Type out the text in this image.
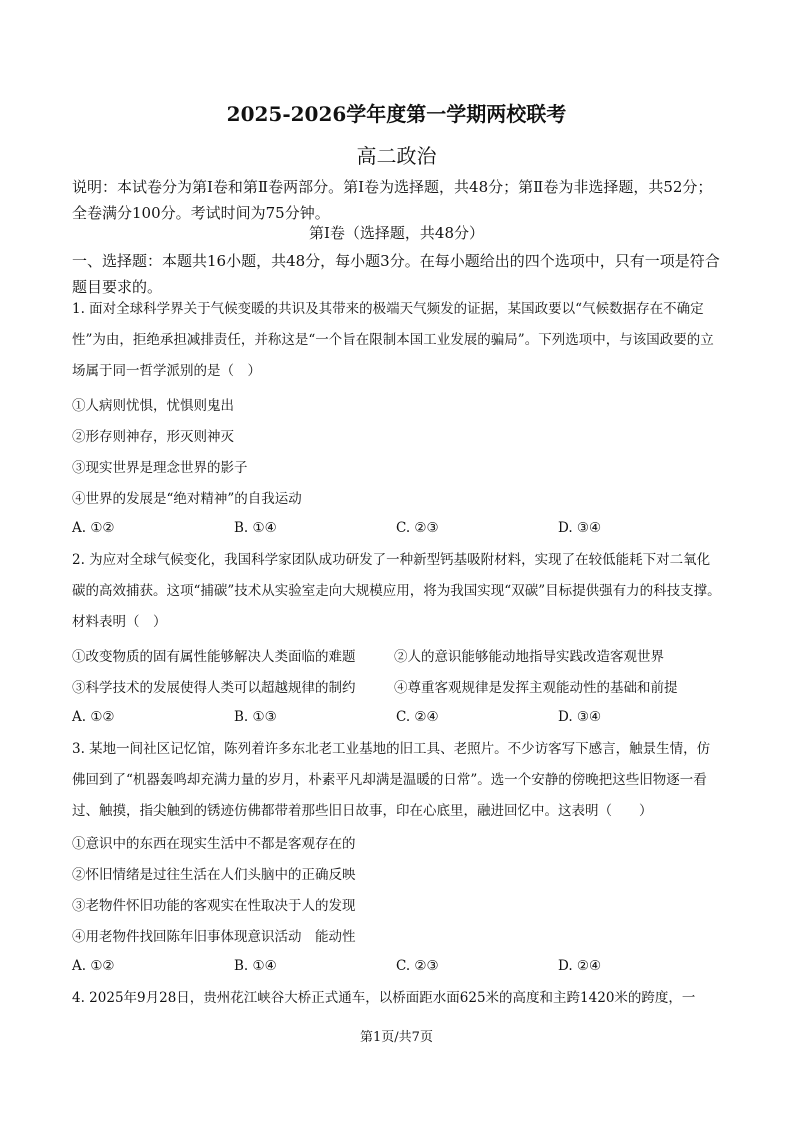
2025-2026学年度第一学期两校联考
高二政治
说明：本试卷分为第Ⅰ卷和第Ⅱ卷两部分。第Ⅰ卷为选择题，共48分；第Ⅱ卷为非选择题，共52分；全卷满分100分。考试时间为75分钟。
第Ⅰ卷（选择题，共48分）
一、选择题：本题共16小题，共48分，每小题3分。在每小题给出的四个选项中，只有一项是符合题目要求的。
1. 面对全球科学界关于气候变暖的共识及其带来的极端天气频发的证据，某国政要以“气候数据存在不确定性”为由，拒绝承担减排责任，并称这是“一个旨在限制本国工业发展的骗局”。下列选项中，与该国政要的立场属于同一哲学派别的是（　）
①人病则忧惧，忧惧则鬼出
②形存则神存，形灭则神灭
③现实世界是理念世界的影子
④世界的发展是“绝对精神”的自我运动
A. ①②	B. ①④	C. ②③	D. ③④
2. 为应对全球气候变化，我国科学家团队成功研发了一种新型钙基吸附材料，实现了在较低能耗下对二氧化碳的高效捕获。这项“捕碳”技术从实验室走向大规模应用，将为我国实现“双碳”目标提供强有力的科技支撑。材料表明（　）
①改变物质的固有属性能够解决人类面临的难题	②人的意识能够能动地指导实践改造客观世界
③科学技术的发展使得人类可以超越规律的制约	④尊重客观规律是发挥主观能动性的基础和前提
A. ①②	B. ①③	C. ②④	D. ③④
3. 某地一间社区记忆馆，陈列着许多东北老工业基地的旧工具、老照片。不少访客写下感言，触景生情，仿佛回到了“机器轰鸣却充满力量的岁月，朴素平凡却满是温暖的日常”。选一个安静的傍晚把这些旧物逐一看过、触摸，指尖触到的锈迹仿佛都带着那些旧日故事，印在心底里，融进回忆中。这表明（　　）
①意识中的东西在现实生活中不都是客观存在的
②怀旧情绪是过往生活在人们头脑中的正确反映
③老物件怀旧功能的客观实在性取决于人的发现
④用老物件找回陈年旧事体现意识活动　能动性
A. ①②	B. ①④	C. ②③	D. ②④
4. 2025年9月28日，贵州花江峡谷大桥正式通车，以桥面距水面625米的高度和主跨1420米的跨度，一
第1页/共7页
